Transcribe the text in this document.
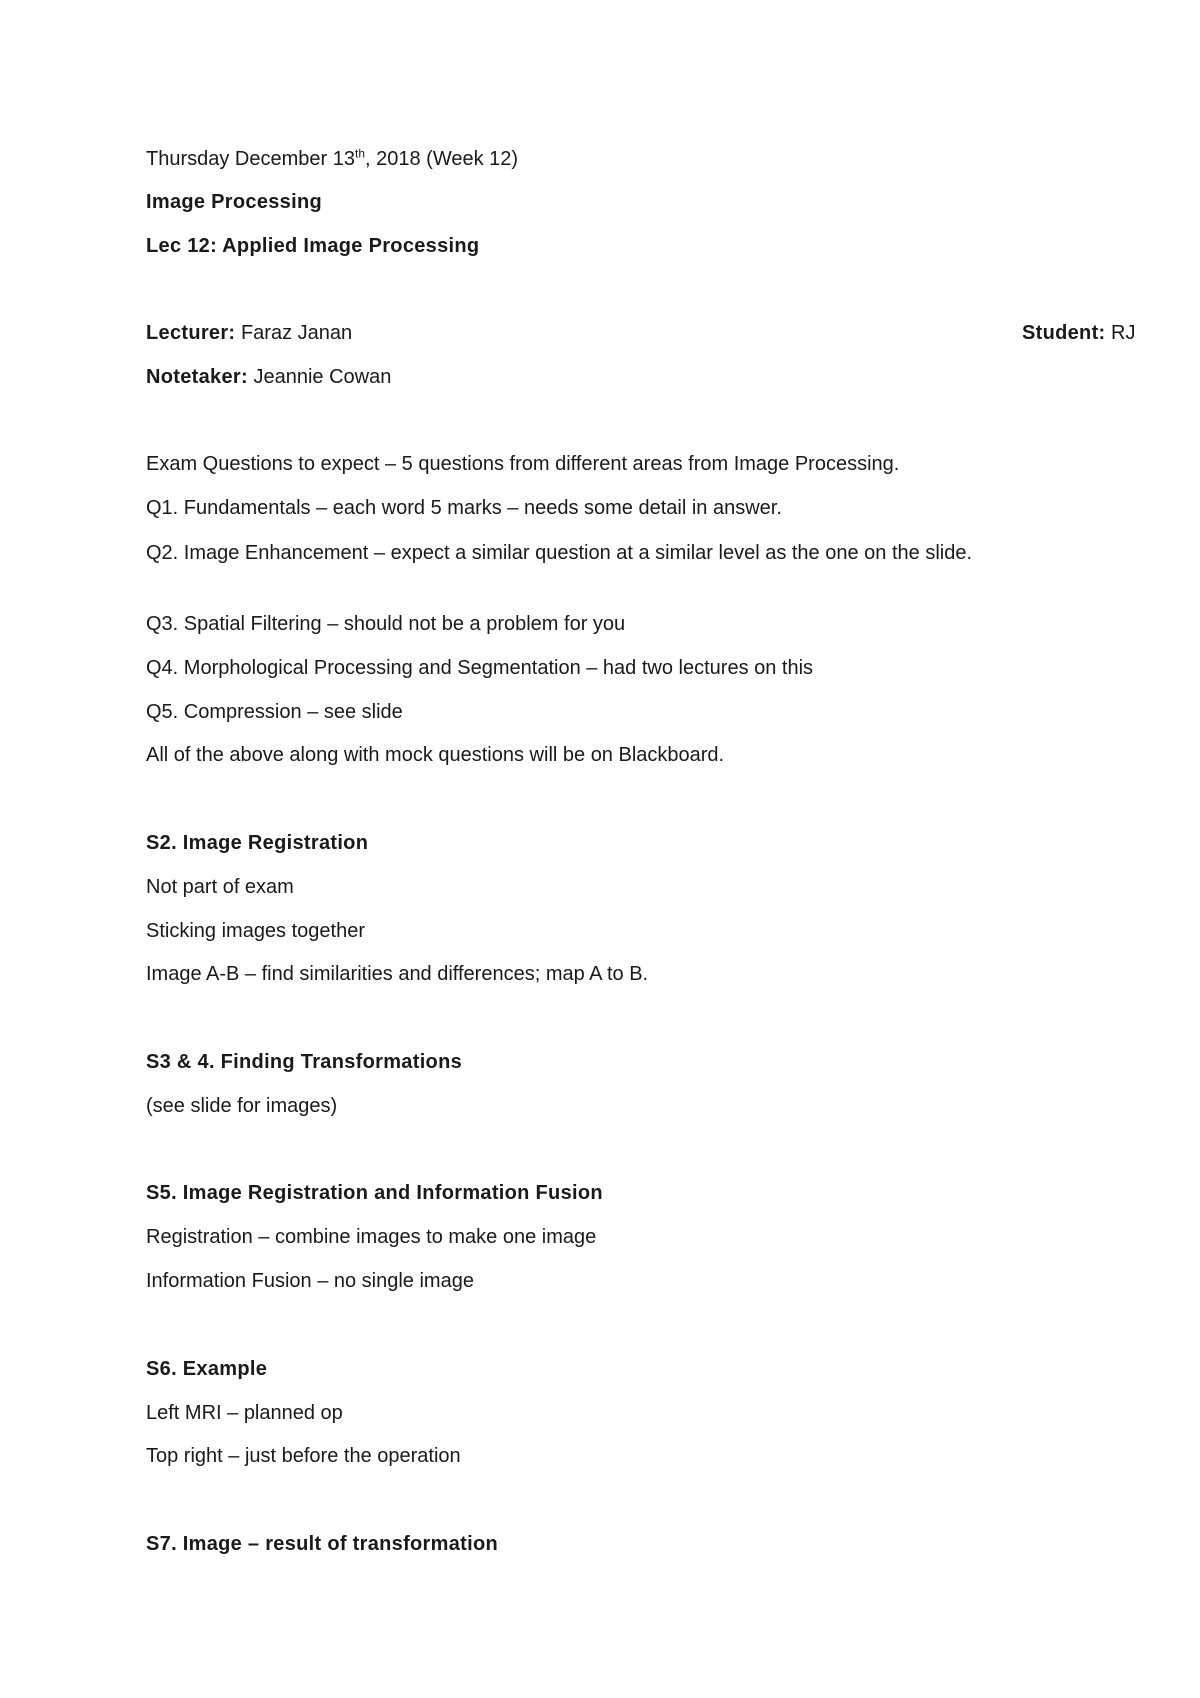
Thursday December 13th, 2018 (Week 12)
Image Processing
Lec 12: Applied Image Processing
Lecturer: Faraz Janan	Student: RJ
Notetaker: Jeannie Cowan
Exam Questions to expect – 5 questions from different areas from Image Processing.
Q1. Fundamentals – each word 5 marks – needs some detail in answer.
Q2. Image Enhancement – expect a similar question at a similar level as the one on the slide.
Q3. Spatial Filtering – should not be a problem for you
Q4. Morphological Processing and Segmentation – had two lectures on this
Q5. Compression – see slide
All of the above along with mock questions will be on Blackboard.
S2. Image Registration
Not part of exam
Sticking images together
Image A-B – find similarities and differences; map A to B.
S3 & 4. Finding Transformations
(see slide for images)
S5. Image Registration and Information Fusion
Registration – combine images to make one image
Information Fusion – no single image
S6. Example
Left MRI – planned op
Top right – just before the operation
S7. Image – result of transformation
